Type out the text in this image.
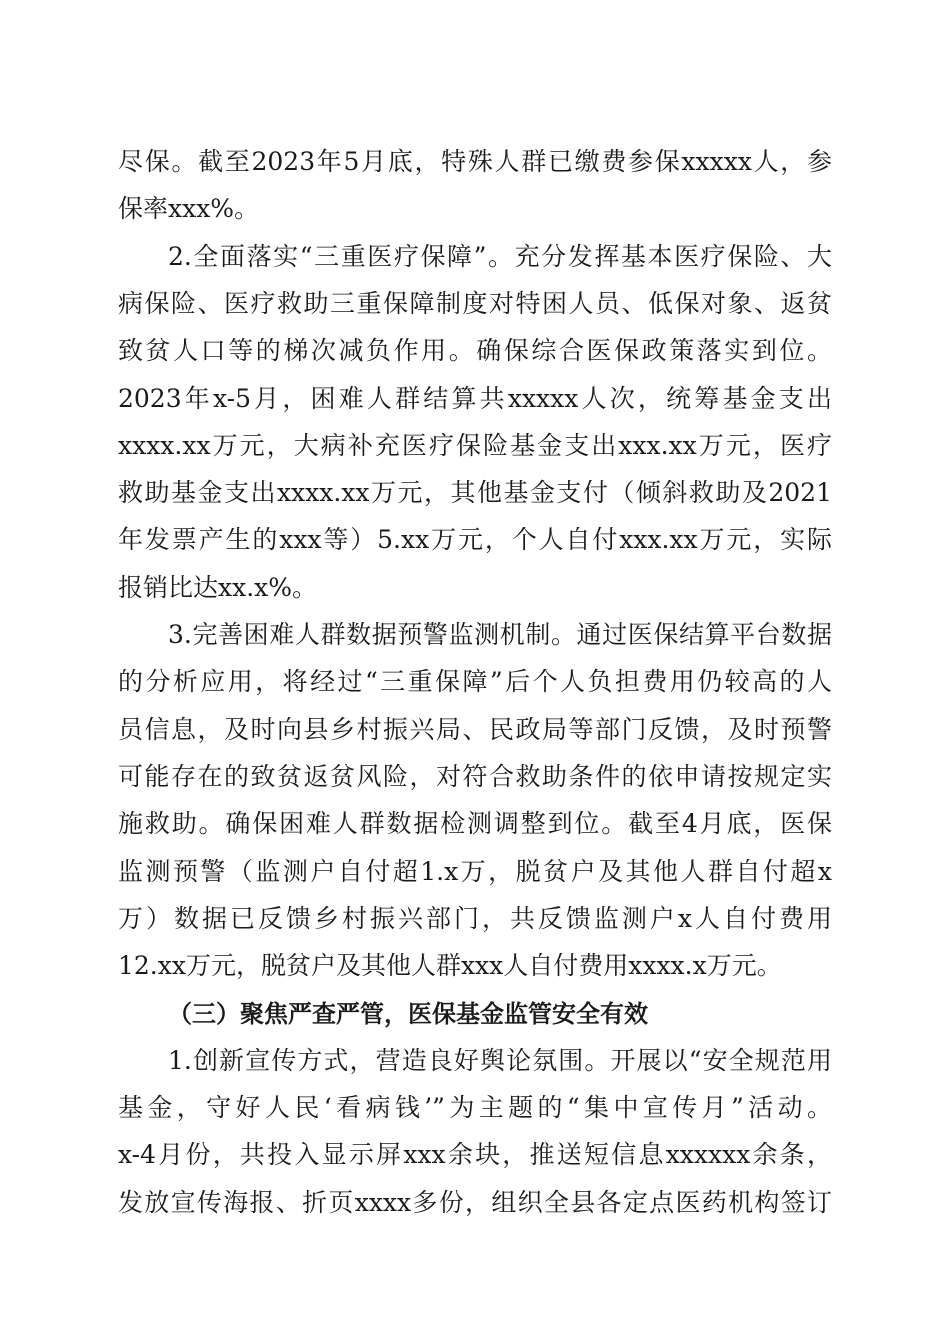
尽保。截至2023年5月底，特殊人群已缴费参保xxxxx人，参
保率xxx%。
2.全面落实“三重医疗保障”。充分发挥基本医疗保险、大
病保险、医疗救助三重保障制度对特困人员、低保对象、返贫
致贫人口等的梯次减负作用。确保综合医保政策落实到位。
2023年x-5月，困难人群结算共xxxxx人次，统筹基金支出
xxxx.xx万元，大病补充医疗保险基金支出xxx.xx万元，医疗
救助基金支出xxxx.xx万元，其他基金支付（倾斜救助及2021
年发票产生的xxx等）5.xx万元，个人自付xxx.xx万元，实际
报销比达xx.x%。
3.完善困难人群数据预警监测机制。通过医保结算平台数据
的分析应用，将经过“三重保障”后个人负担费用仍较高的人
员信息，及时向县乡村振兴局、民政局等部门反馈，及时预警
可能存在的致贫返贫风险，对符合救助条件的依申请按规定实
施救助。确保困难人群数据检测调整到位。截至4月底，医保
监测预警（监测户自付超1.x万，脱贫户及其他人群自付超x
万）数据已反馈乡村振兴部门，共反馈监测户x人自付费用
12.xx万元，脱贫户及其他人群xxx人自付费用xxxx.x万元。
（三）聚焦严查严管，医保基金监管安全有效
1.创新宣传方式，营造良好舆论氛围。开展以“安全规范用
基金，守好人民‘看病钱’”为主题的“集中宣传月”活动。
x-4月份，共投入显示屏xxx余块，推送短信息xxxxxx余条，
发放宣传海报、折页xxxx多份，组织全县各定点医药机构签订
